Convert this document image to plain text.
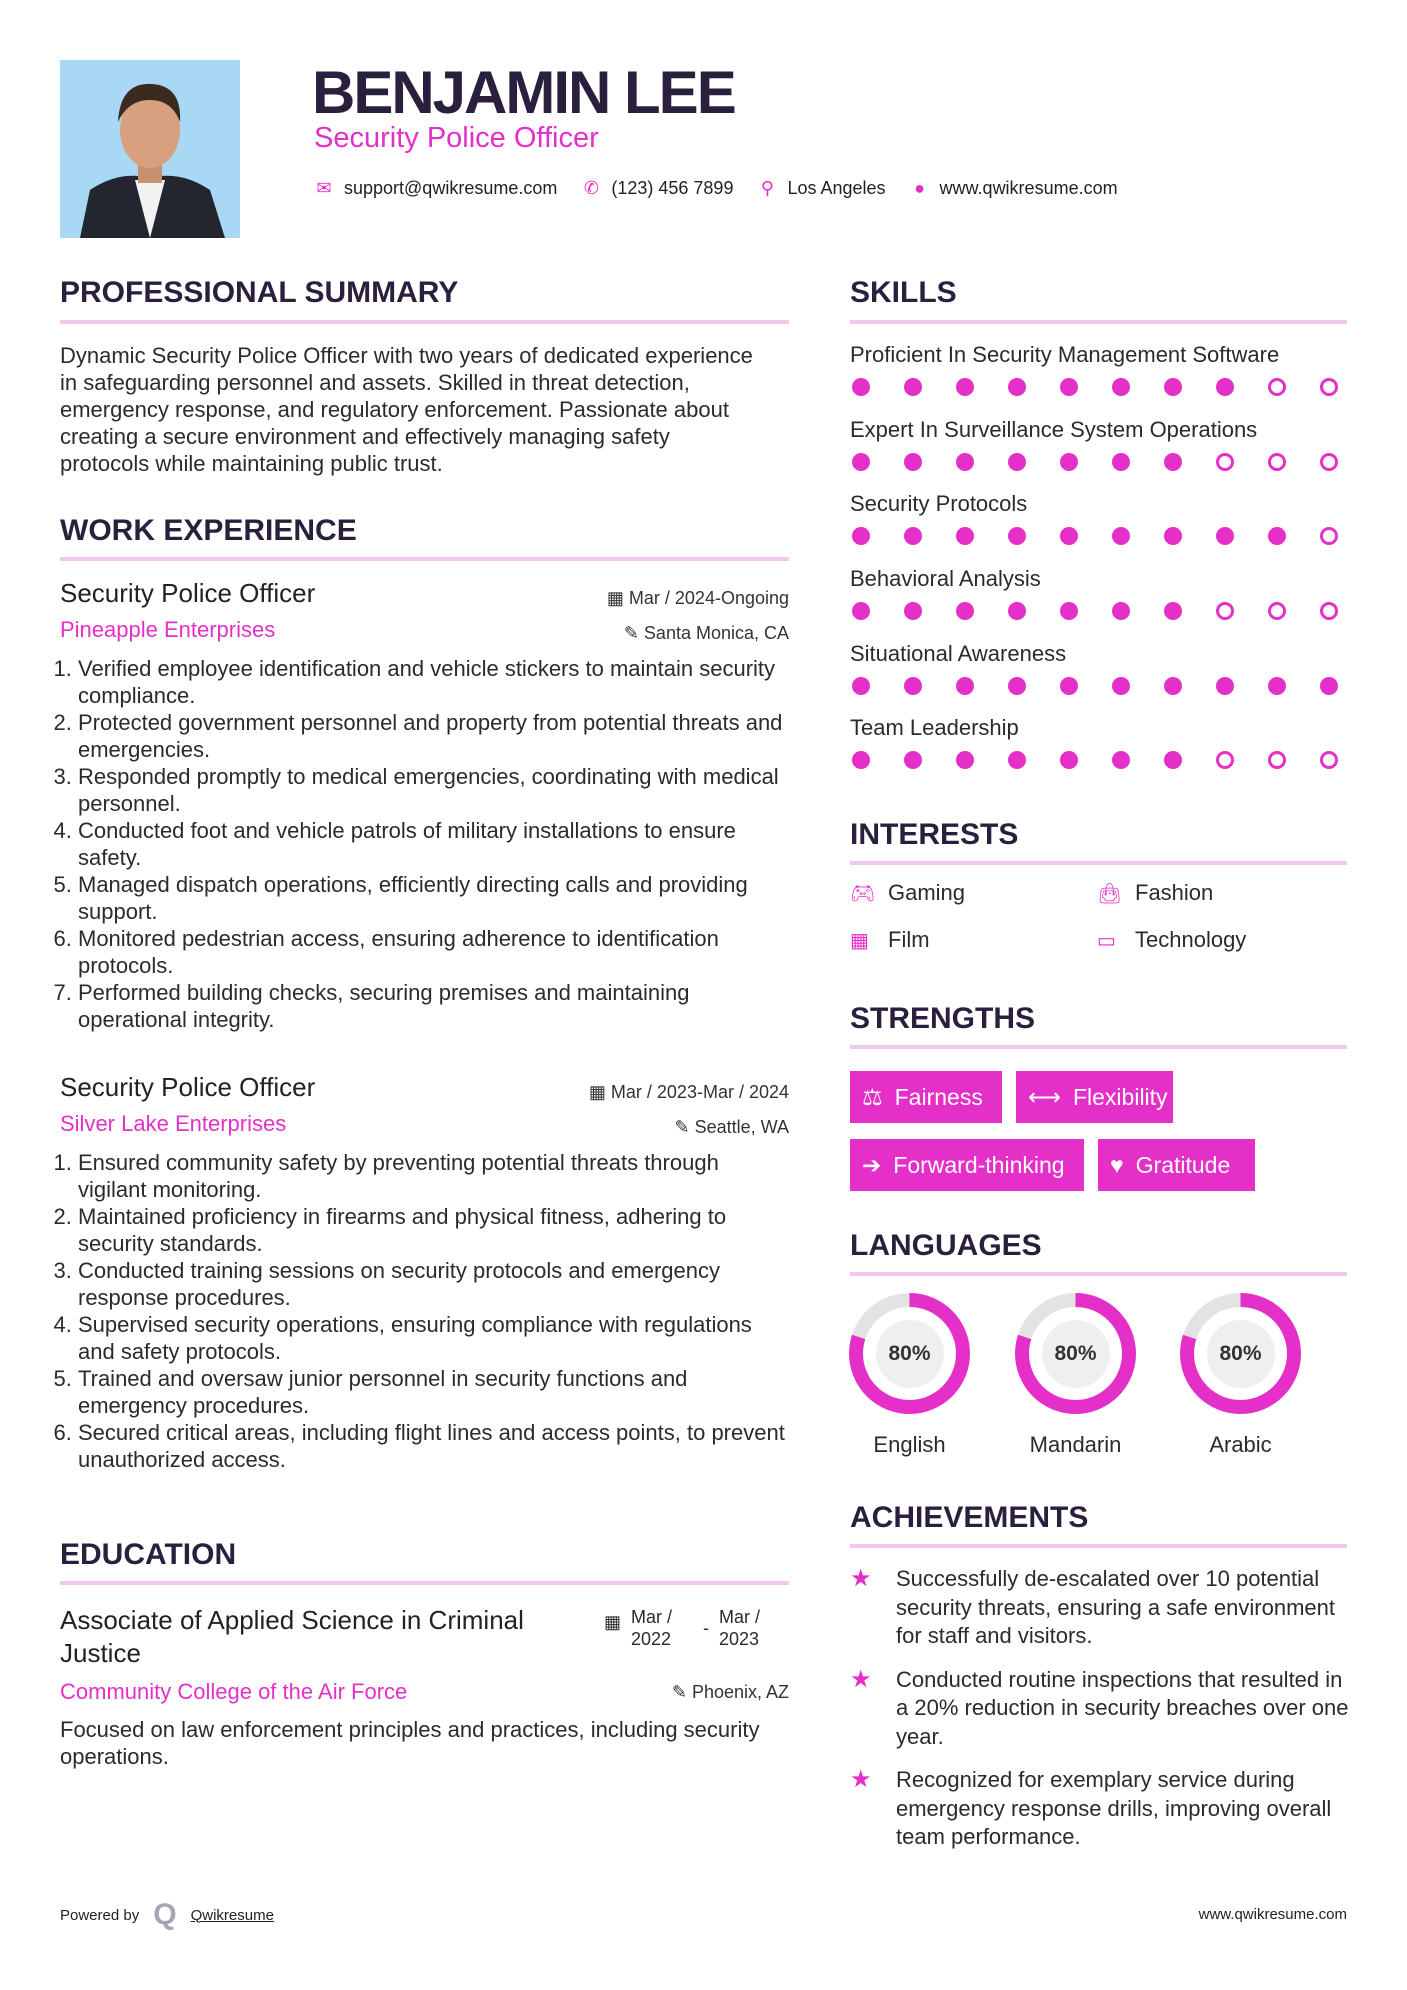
BENJAMIN LEE
Security Police Officer
✉ support@qwikresume.com ✆ (123) 456 7899 ⚲ Los Angeles ● www.qwikresume.com
PROFESSIONAL SUMMARY
Dynamic Security Police Officer with two years of dedicated experience in safeguarding personnel and assets. Skilled in threat detection, emergency response, and regulatory enforcement. Passionate about creating a secure environment and effectively managing safety protocols while maintaining public trust.
WORK EXPERIENCE
Security Police Officer	▦ Mar / 2024-Ongoing
Pineapple Enterprises	✎ Santa Monica, CA
1. Verified employee identification and vehicle stickers to maintain security compliance.
2. Protected government personnel and property from potential threats and emergencies.
3. Responded promptly to medical emergencies, coordinating with medical personnel.
4. Conducted foot and vehicle patrols of military installations to ensure safety.
5. Managed dispatch operations, efficiently directing calls and providing support.
6. Monitored pedestrian access, ensuring adherence to identification protocols.
7. Performed building checks, securing premises and maintaining operational integrity.
Security Police Officer	▦ Mar / 2023-Mar / 2024
Silver Lake Enterprises	✎ Seattle, WA
1. Ensured community safety by preventing potential threats through vigilant monitoring.
2. Maintained proficiency in firearms and physical fitness, adhering to security standards.
3. Conducted training sessions on security protocols and emergency response procedures.
4. Supervised security operations, ensuring compliance with regulations and safety protocols.
5. Trained and oversaw junior personnel in security functions and emergency procedures.
6. Secured critical areas, including flight lines and access points, to prevent unauthorized access.
EDUCATION
Associate of Applied Science in Criminal Justice
▦ Mar / 2022
-
Mar / 2023
Community College of the Air Force	✎ Phoenix, AZ
Focused on law enforcement principles and practices, including security operations.
SKILLS
Proficient In Security Management Software
Expert In Surveillance System Operations
Security Protocols
Behavioral Analysis
Situational Awareness
Team Leadership
INTERESTS
🎮︎ Gaming	👜︎ Fashion
▦ Film	▭ Technology
STRENGTHS
⚖ Fairness ⟷ Flexibility
➔ Forward-thinking ♥ Gratitude
LANGUAGES
80%
English
80%
Mandarin
80%
Arabic
ACHIEVEMENTS
★	Successfully de-escalated over 10 potential security threats, ensuring a safe environment for staff and visitors.
★	Conducted routine inspections that resulted in a 20% reduction in security breaches over one year.
★	Recognized for exemplary service during emergency response drills, improving overall team performance.
Powered by Q Qwikresume	www.qwikresume.com
